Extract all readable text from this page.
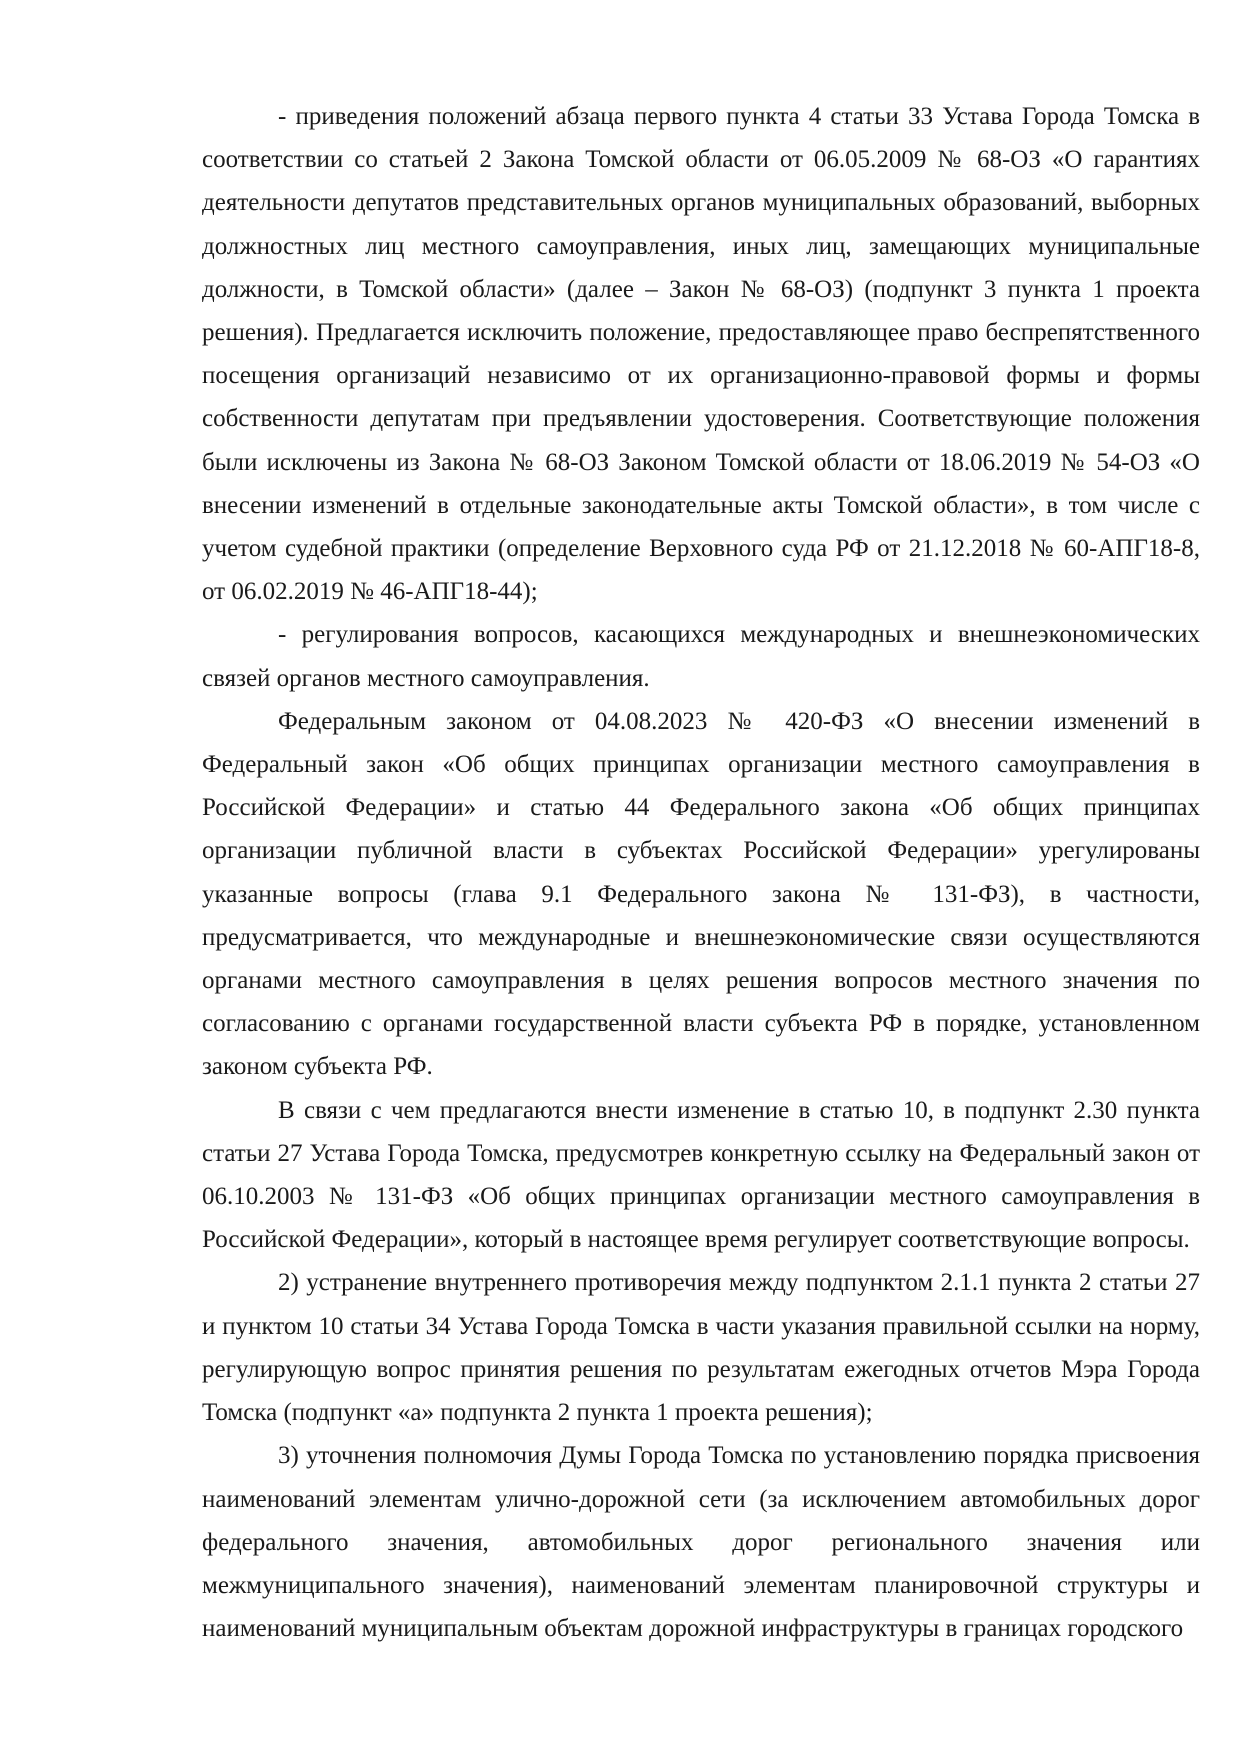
- приведения положений абзаца первого пункта 4 статьи 33 Устава Города Томска в соответствии со статьей 2 Закона Томской области от 06.05.2009 № 68-ОЗ «О гарантиях деятельности депутатов представительных органов муниципальных образований, выборных должностных лиц местного самоуправления, иных лиц, замещающих муниципальные должности, в Томской области» (далее – Закон № 68-ОЗ) (подпункт 3 пункта 1 проекта решения). Предлагается исключить положение, предоставляющее право беспрепятственного посещения организаций независимо от их организационно-правовой формы и формы собственности депутатам при предъявлении удостоверения. Соответствующие положения были исключены из Закона № 68-ОЗ Законом Томской области от 18.06.2019 № 54-ОЗ «О внесении изменений в отдельные законодательные акты Томской области», в том числе с учетом судебной практики (определение Верховного суда РФ от 21.12.2018 № 60-АПГ18-8, от 06.02.2019 № 46-АПГ18-44);

- регулирования вопросов, касающихся международных и внешнеэкономических связей органов местного самоуправления.

Федеральным законом от 04.08.2023 № 420-ФЗ «О внесении изменений в Федеральный закон «Об общих принципах организации местного самоуправления в Российской Федерации» и статью 44 Федерального закона «Об общих принципах организации публичной власти в субъектах Российской Федерации» урегулированы указанные вопросы (глава 9.1 Федерального закона № 131-ФЗ), в частности, предусматривается, что международные и внешнеэкономические связи осуществляются органами местного самоуправления в целях решения вопросов местного значения по согласованию с органами государственной власти субъекта РФ в порядке, установленном законом субъекта РФ.

В связи с чем предлагаются внести изменение в статью 10, в подпункт 2.30 пункта статьи 27 Устава Города Томска, предусмотрев конкретную ссылку на Федеральный закон от 06.10.2003 № 131-ФЗ «Об общих принципах организации местного самоуправления в Российской Федерации», который в настоящее время регулирует соответствующие вопросы.

2) устранение внутреннего противоречия между подпунктом 2.1.1 пункта 2 статьи 27 и пунктом 10 статьи 34 Устава Города Томска в части указания правильной ссылки на норму, регулирующую вопрос принятия решения по результатам ежегодных отчетов Мэра Города Томска (подпункт «а» подпункта 2 пункта 1 проекта решения);

3) уточнения полномочия Думы Города Томска по установлению порядка присвоения наименований элементам улично-дорожной сети (за исключением автомобильных дорог федерального значения, автомобильных дорог регионального значения или межмуниципального значения), наименований элементам планировочной структуры и наименований муниципальным объектам дорожной инфраструктуры в границах городского
